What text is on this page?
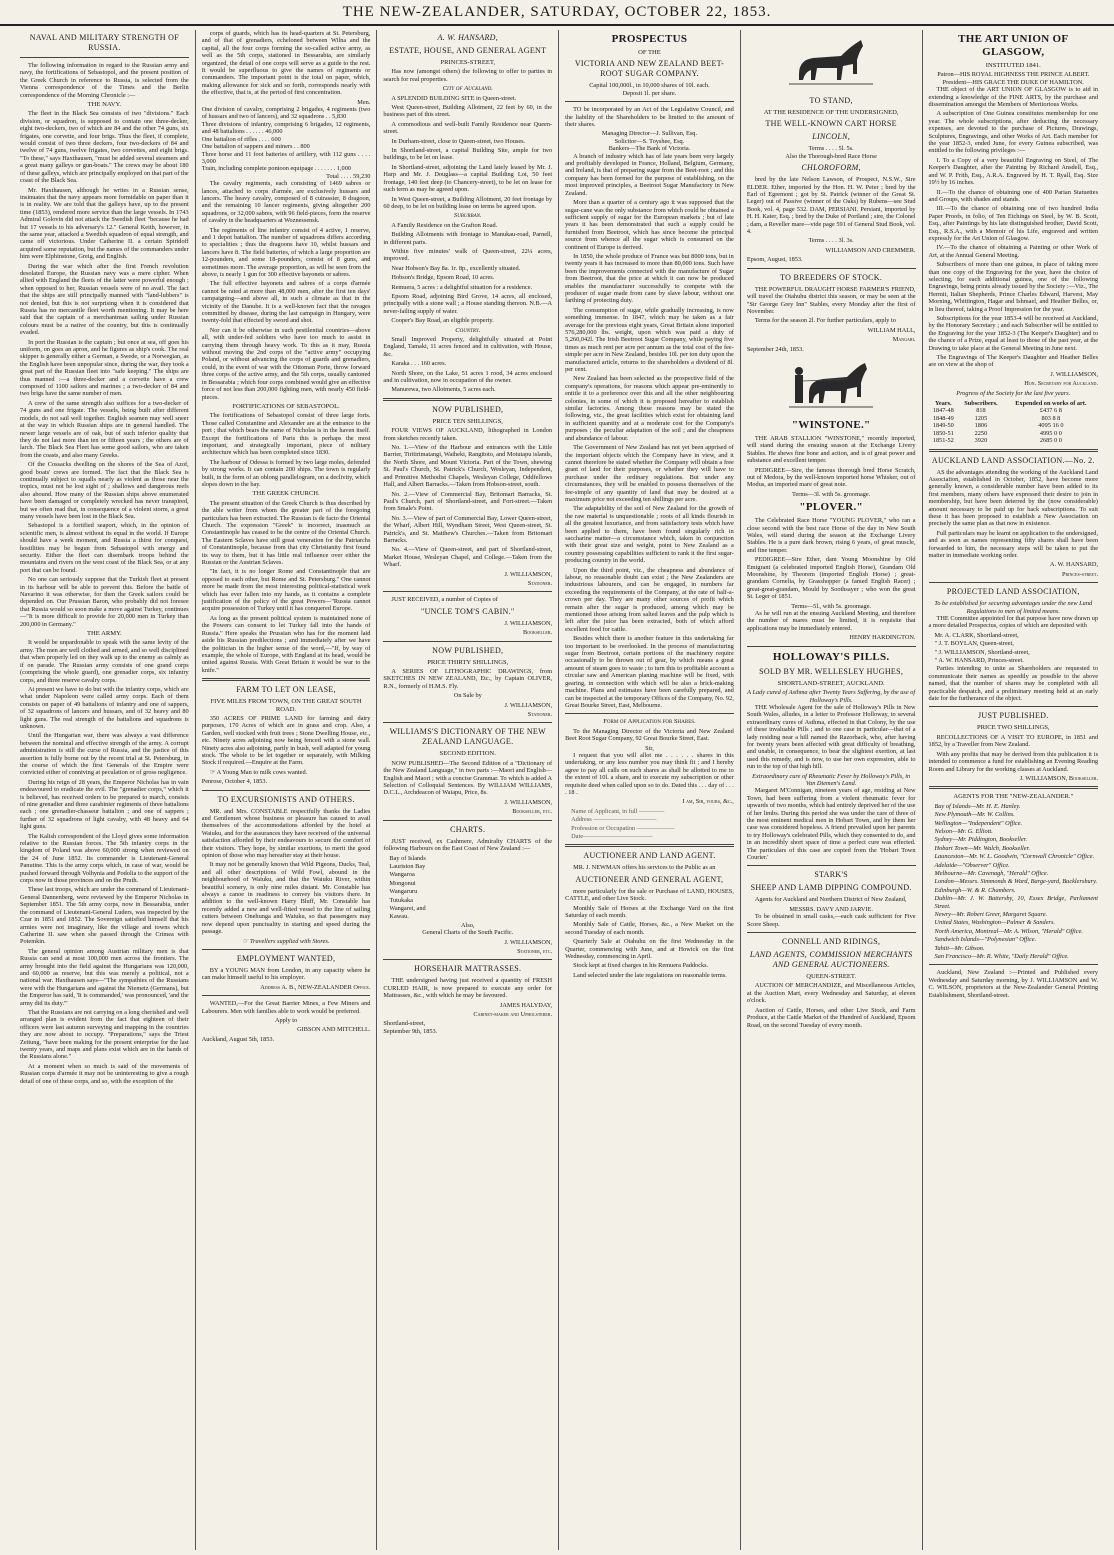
THE NEW-ZEALANDER, SATURDAY, OCTOBER 22, 1853.
NAVAL AND MILITARY STRENGTH OF RUSSIA.
The following information in regard to the Russian army and navy, the fortifications of Sebastopol, and the present position of the Greek Church in reference to Russia, is selected from the Vienna correspondence of the Times and the Berlin correspondence of the Morning Chronicle :—
THE NAVY.
The fleet in the Black Sea consists of two "divisions." Each division, or squadron, is supposed to contain one three-decker, eight two-deckers, two of which are 84 and the other 74 guns, six frigates, one corvette, and four brigs. Thus the fleet, if complete, would consist of two three deckers, four two-deckers of 84 and twelve of 74 guns, twelve frigates, two corvettes, and eight brigs. "To these," says Haxthausen, "must be added several steamers and a great many galleys or gun-boats." The crews may be about 180 of these galleys, which are principally employed on that part of the coast of the Black Sea.
Mr. Haxthausen, although he writes in a Russian sense, insinuates that the navy appears more formidable on paper than it is in reality. We are told that the galleys have, up to the present time (1853), rendered more service than the large vessels. In 1743 Admiral Golovin did not attack the Swedish fleet "because he had but 17 vessels to his adversary's 12." General Keith, however, in the same year, attacked a Swedish squadron of equal strength, and came off victorious. Under Catherine II. a certain Spiridoff acquired some reputation, but the names of the commanders under him were Elphinstone, Greig, and English.
During the war which after the first French revolution desolated Europe, the Russian navy was a mere cipher. When allied with England the fleets of the latter were powerful enough ; when opposed to her, Russian vessels were of no avail. The fact that the ships are still principally manned with "land-lubbers" is not denied, but this is not surprising when it is considered that Russia has no mercantile fleet worth mentioning. It may be here said that the captain of a merchantman sailing under Russian colours must be a native of the country, but this is continually evaded.
In port the Russian is the captain ; but once at sea, off goes his uniform, on goes an apron, and he figures as ship's cook. The real skipper is generally either a German, a Swede, or a Norwegian, as the English have been unpopular since, during the war, they took a great part of the Russian fleet into "safe keeping." The ships are thus manned :—a three-decker and a corvette have a crew composed of 1100 sailors and marines ; a two-decker of 84 and two brigs have the same number of men.
A crew of the same strength also suffices for a two-decker of 74 guns and one frigate. The vessels, being built after different models, do not sail well together. English seamen may well sneer at the way in which Russian ships are in general handled. The newer large vessels are of oak, but of such inferior quality that they do not last more than ten or fifteen years ; the others are of larch. The Black Sea Fleet has some good sailors, who are taken from the coasts, and also many Greeks.
Of the Cossacks dwelling on the shores of the Sea of Azof, good boats' crews are formed. The fact that the Black Sea is continually subject to squalls nearly as violent as those near the tropics, must not be lost sight of ; shallows and dangerous reefs also abound. How many of the Russian ships above enumerated have been damaged or completely wrecked has never transpired, but we often read that, in consequence of a violent storm, a great many vessels have been lost in the Black Sea.
Sebastopol is a fortified seaport, which, in the opinion of scientific men, is almost without its equal in the world. If Europe should have a week moment, and Russia a thirst for conquest, hostilities may be begun from Sebastopol with energy and security. Either the fleet can disembark troops behind the mountains and rivers on the west coast of the Black Sea, or at any port that can be found.
No one can seriously suppose that the Turkish fleet at present in its harbour will be able to prevent this. Before the battle of Navarino it was otherwise, for then the Greek sailors could be depended on. Our Prussian Baron, who probably did not foresee that Russia would so soon make a move against Turkey, continues—"It is more difficult to provide for 20,000 men in Turkey than 200,000 in Germany."
THE ARMY.
It would be unpardonable to speak with the same levity of the army. The men are well clothed and armed, and so well disciplined that when properly led on they walk up to the enemy as calmly as if on parade. The Russian army consists of one grand corps (comprising the whole guard), one grenadier corps, six infantry corps, and three reserve cavalry corps.
At present we have to do but with the infantry corps, which are what under Napoleon were called army corps. Each of them consists on paper of 49 battalions of infantry and one of sappers, of 32 squadrons of lancers and hussars, and of 32 heavy and 80 light guns. The real strength of the battalions and squadrons is unknown.
Until the Hungarian war, there was always a vast difference between the nominal and effective strength of the army. A corrupt administration is still the curse of Russia, and the justice of this assertion is fully borne out by the recent trial at St. Petersburg, in the course of which the first Generals of the Empire were convicted either of conniving at peculation or of gross negligence.
During his reign of 28 years, the Emperor Nicholas has in vain endeavoured to eradicate the evil. The "grenadier corps," which it is believed, has received orders to be prepared to march, consists of nine grenadier and three carabinier regiments of three battalions each ; one grenadier-chasseur battalion ; and one of sappers ; further of 32 squadrons of light cavalry, with 48 heavy and 64 light guns.
The Kalish correspondent of the Lloyd gives some information relative to the Russian forces. The 5th infantry corps in the kingdom of Poland was above 60,000 strong when reviewed on the 24 of June 1852. Its commander is Lieutenant-General Panutine. This is the army corps which, in case of war, would be pushed forward through Volhynia and Podolia to the support of the corps now in those provinces and on the Pruth.
These last troops, which are under the command of Lieutenant-General Dannenberg, were reviewed by the Emperor Nicholas in September 1851. The 5th army corps, now in Bessarabia, under the command of Lieutenant-General Luders, was inspected by the Czar in 1851 and 1852. The Sovereign satisfied himself that his armies were not imaginary, like the village and towns which Catherine II. saw when she passed through the Crimea with Potemkin.
The general opinion among Austrian military men is that Russia can send at most 100,000 men across the frontiers. The army brought into the field against the Hungarians was 120,000, and 60,000 as reserve, but this was merely a political, not a national war. Haxthausen says—"The sympathies of the Russians were with the Hungarians and against the Niemetz (Germans), but the Emperor has said, 'It is commanded,' was pronounced, 'and the army did its duty.'"
That the Russians are not carrying on a long cherished and well arranged plan is evident from the fact that eighteen of their officers were last autumn surveying and mapping in the countries they are now about to occupy. "Preparations," says the Triest Zeitung, "have been making for the present enterprise for the last twenty years, and maps and plans exist which are in the hands of the Russians alone."
At a moment when so much is said of the movements of Russian corps d'armée it may not be uninteresting to give a rough detail of one of these corps, and so, with the exception of the
corps of guards, which has its head-quarters at St. Petersburg, and of that of grenadiers, echeloned between Wilna and the capital, all the four corps forming the so-called active army, as well as the 5th corps, stationed in Bessarabia, are similarly organized, the detail of one corps will serve as a guide to the rest. It would be superfluous to give the names of regiments or commanders. The important point is the total on paper, which, making allowance for sick and so forth, corresponds nearly with the effective, that is, at the period of first concentration.
Men.
One division of cavalry, comprising 2 brigades, 4 regiments (two of hussars and two of lancers), and 32 squadrons . . 5,830
Three divisions of infantry, comprising 6 brigades, 12 regiments, and 48 battalions . . . . . . 46,000
One battalion of rifles . . . . 600
One battalion of sappers and miners . . 800
Three horse and 11 foot batteries of artillery, with 112 guns . . . . 3,000
Train, including complete pontoon equipage . . . . . . . 1,000
Total . . . . 59,230
The cavalry regiments, each consisting of 1469 sabres or lances, attached to corps d'armée, are exclusively hussars and lancers. The heavy cavalry, composed of 8 cuirassier, 8 dragoon, and the remaining 10 lancer regiments, giving altogether 200 squadrons, or 32,000 sabres, with 96 field-pieces, form the reserve of cavalry in the headquarters at Woznessensk.
The regiments of line infantry consist of 4 active, 1 reserve, and 1 depot battalion. The number of squadrons differs according to specialities ; thus the dragoons have 10, whilst hussars and lancers have 8. The field batteries, of which a large proportion are 12-pounders, and some 18-pounders, consist of 8 guns, and sometimes more. The average proportion, as will be seen from the above, is nearly 1 gun for 300 effective bayonets or sabres.
The full effective bayonets and sabres of a corps d'armée cannot be rated at more than 48,000 men, after the first ten days' campaigning—and above all, in such a climate as that in the vicinity of the Danube. It is a well-known fact that the ravages committed by disease, during the last campaign in Hungary, were twenty-fold that effected by sword and shot.
Nor can it be otherwise in such pestilential countries—above all, with under-fed soldiers who have too much to assist in carrying them through heavy work. To this as it may, Russia without moving the 2nd corps of the "active army" occupying Poland, or without advancing the corps of guards and grenadiers, could, in the event of war with the Ottoman Porte, throw forward three corps of the active army, and the 5th corps, usually cantoned in Bessarabia ; which four corps combined would give an effective force of not less than 200,000 fighting men, with nearly 450 field-pieces.
FORTIFICATIONS OF SEBASTOPOL.
The fortifications of Sebastopol consist of three large forts. Those called Constantine and Alexander are at the entrance to the port ; that which bears the name of Nicholas is in the haven itself. Except the fortifications of Paris this is perhaps the most important, and strategically important, piece of military architecture which has been completed since 1830.
The harbour of Odessa is formed by two large moles, defended by strong works. It can contain 200 ships. The town is regularly built, in the form of an oblong parallelogram, on a declivity, which slopes down to the bay.
THE GREEK CHURCH.
The present situation of the Greek Church is thus described by the able writer from whom the greater part of the foregoing particulars has been extracted. The Russian is de facto the Oriental Church. The expression "Greek" is incorrect, inasmuch as Constantinople has ceased to be the centre of the Oriental Church. The Eastern Sclaves have still great veneration for the Patriarchs of Constantinople, because from that city Christianity first found its way to them, but it has little real influence over either the Russian or the Austrian Sclaves.
"In fact, it is no longer Rome and Constantinople that are opposed to each other, but Rome and St. Petersburg." One cannot more be made from the most interesting political-statistical work which has ever fallen into my hands, as it contains a complete justification of the policy of the great Powers—"Russia cannot acquire possession of Turkey until it has conquered Europe.
As long as the present political system is maintained none of the Powers can consent to let Turkey fall into the hands of Russia." Here speaks the Prussian who has for the moment laid aside his Russian predilections ; and immediately after we have the politician in the higher sense of the word,—"If, by way of example, the whole of Europe, with England at its head, would be united against Russia. With Great Britain it would be war to the knife."
FARM TO LET ON LEASE,
FIVE MILES FROM TOWN, ON THE GREAT SOUTH ROAD.
350 ACRES OF PRIME LAND for farming and dairy purposes, 170 Acres of which are in grass and crop. Also, a Garden, well stocked with fruit trees ; Stone Dwelling House, etc., etc. Ninety acres adjoining now being fenced with a stone wall. Ninety acres also adjoining, partly in bush, well adapted for young stock. The whole to be let together or separately, with Milking Stock if required.—Enquire at the Farm.
☞ A Young Man to milk cows wanted.
Penrose, October 4, 1853.
TO EXCURSIONISTS AND OTHERS.
MR. and Mrs. CONSTABLE respectfully thanks the Ladies and Gentlemen whose business or pleasure has caused to avail themselves of the accommodations afforded by the hotel at Waiuku, and for the assurances they have received of the universal satisfaction afforded by their endeavours to secure the comfort of their visitors. They hope, by similar exertions, to merit the good opinion of those who may hereafter stay at their house.
It may not be generally known that Wild Pigeons, Ducks, Teal, and all other descriptions of Wild Fowl, abound in the neighbourhood of Waiuku, and that the Waiuku River, within beautiful scenery, is only nine miles distant. Mr. Constable has always a canoe in readiness to convey his visitors there. In addition to the well-known Harry Bluff, Mr. Constable has recently added a new and well-fitted vessel to the line of sailing cutters between Onehunga and Waiuku, so that passengers may now depend upon punctuality in starting and speed during the passage.
☞ Travellers supplied with Stores.
EMPLOYMENT WANTED,
BY a YOUNG MAN from London, in any capacity where he can make himself useful to his employer.
Address A. B., NEW-ZEALANDER Office.
WANTED,—For the Great Barrier Mines, a Few Miners and Labourers. Men with families able to work would be preferred.
Apply to
GIBSON AND MITCHELL.
Auckland, August 5th, 1853.
A. W. HANSARD,
ESTATE, HOUSE, AND GENERAL AGENT
PRINCES-STREET,
Has now (amongst others) the following to offer to parties in search for real properties.
City of Auckland.
A SPLENDID BUILDING SITE in Queen-street.
West Queen-street, Building Allotment, 22 feet by 60, in the business part of this street.
A commodious and well-built Family Residence near Queen-street.
In Durham-street, close to Queen-street, two Houses.
In Shortland-street, a capital Building Site, ample for two buildings, to be let on lease.
In Shortland-street, adjoining the Land lately leased by Mr. J. Harp and Mr. J. Douglass—a capital Building Lot, 50 feet frontage, 140 feet deep (to Chancery-street), to be let on lease for such term as may be agreed upon.
In West Queen-street, a Building Allotment, 20 feet frontage by 60 deep, to be let on building lease on terms be agreed upon.
Suburban.
A Family Residence on the Grafton Road.
Building Allotments with frontage to Manukau-road, Parnell, in different parts.
Within five minutes' walk of Queen-street, 22¼ acres, improved.
Near Hobson's Bay 8a. 1r. 8p., excellently situated.
Hobson's Bridge, Epsom Road, 10 acres.
Remuera, 5 acres : a delightful situation for a residence.
Epsom Road, adjoining Bird Grove, 14 acres, all enclosed, principally with a stone wall ; a House standing thereon. N.B.—A never-failing supply of water.
Cooper's Bay Road, an eligible property.
Country.
Small Improved Property, delightfully situated at Point England, Tamaki, 11 acres fenced and in cultivation, with House, &c.
Karaka . . . 160 acres.
North Shore, on the Lake, 51 acres 1 rood, 34 acres enclosed and in cultivation, now in occupation of the owner.
Manurewa, two Allotments, 5 acres each.
NOW PUBLISHED,
PRICE TEN SHILLINGS,
FOUR VIEWS OF AUCKLAND, lithographed in London from sketches recently taken.
No. 1.—View of the Harbour and entrances with the Little Barrier, Tiritirimatangi, Waiheki, Rangitoto, and Motutapu islands, the North Shore, and Mount Victoria. Part of the Town, shewing St. Paul's Church, St. Patrick's Church, Wesleyan, Independent, and Primitive Methodist Chapels, Wesleyan College, Oddfellows Hall, and Albert Barracks.—Taken from Hobson-street, south.
No. 2.—View of Commercial Bay, Britomart Barracks, St. Paul's Church, part of Shortland-street, and Fort-street.—Taken from Smale's Point.
No. 3.—View of part of Commercial Bay, Lower Queen-street, the Wharf, Albert Hill, Wyndham Street, West Queen-street, St. Patrick's, and St. Matthew's Churches.—Taken from Britomart Barracks.
No. 4.—View of Queen-street, and part of Shortland-street, Market House, Wesleyan Chapel, and College.—Taken from the Wharf.
J. WILLIAMSON,
Stationer.
JUST RECEIVED, a number of Copies of
"UNCLE TOM'S CABIN."
J. WILLIAMSON,
Bookseller.
NOW PUBLISHED,
PRICE THIRTY SHILLINGS,
A SERIES OF LITHOGRAPHIC DRAWINGS, from SKETCHES IN NEW ZEALAND, Etc., by Captain OLIVER, R.N., formerly of H.M.S. Fly.
On Sale by
J. WILLIAMSON,
Stationer.
WILLIAMS'S DICTIONARY OF THE NEW ZEALAND LANGUAGE.
SECOND EDITION.
NOW PUBLISHED—The Second Edition of a "Dictionary of the New Zealand Language," in two parts :—Maori and English—English and Maori ; with a concise Grammar. To which is added A Selection of Colloquial Sentences. By WILLIAM WILLIAMS, D.C.L., Archdeacon of Waiapu, Price, 8s.
J. WILLIAMSON,
Bookseller, etc.
CHARTS.
JUST received, ex Cashmere, Admiralty CHARTS of the following Harbours on the East Coast of New Zealand :—
Bay of Islands
Lauriston Bay
Wangaroa
Mongonui
Wangaruru
Tutukaka
Wangarei, and
Kawau.
Also,
General Charts of the South Pacific.
J. WILLIAMSON,
Stationer, etc.
HORSEHAIR MATTRASSES.
THE undersigned having just received a quantity of FRESH CURLED HAIR, is now prepared to execute any order for Mattrasses, &c., with which he may be favoured.
JAMES HALYDAY,
Cabinet-maker and Upholsterer.
Shortland-street,
September 9th, 1853.
PROSPECTUS
OF THE
VICTORIA AND NEW ZEALAND BEET-ROOT SUGAR COMPANY.
Capital 100,000l., in 10,000 shares of 10l. each.
Deposit 1l. per share.
TO be incorporated by an Act of the Legislative Council, and the liability of the Shareholders to be limited to the amount of their shares.
Managing Director—J. Sullivan, Esq.
Solicitor—S. Toyshee, Esq.
Bankers—The Bank of Victoria.
A branch of industry which has of late years been very largely and profitably developed in France, Holland, Belgium, Germany, and Ireland, is that of preparing sugar from the Beet-root ; and this company has been formed for the purpose of establishing, on the most improved principles, a Beetroot Sugar Manufactory in New Zealand.
More than a quarter of a century ago it was supposed that the sugar-cane was the only substance from which could be obtained a sufficient supply of sugar for the European markets ; but of late years it has been demonstrated that such a supply could be furnished from Beetroot, which has since become the principal source from whence all the sugar which is consumed on the continent of Europe is derived.
In 1850, the whole produce of France was but 8000 tons, but in twenty years it has increased to more than 80,000 tons. Such have been the improvements connected with the manufacture of Sugar from Beetroot, that the price at which it can now be produced enables the manufacturer successfully to compete with the producer of sugar made from cane by slave labour, without one farthing of protecting duty.
The consumption of sugar, while gradually increasing, is now something immense. In 1847, which may be taken as a fair average for the previous eight years, Great Britain alone imported 576,280,000 lbs. weight, upon which was paid a duty of 5,260,042l. The Irish Beetroot Sugar Company, while paying five times as much rent per acre per annum as the total cost of the fee-simple per acre in New Zealand, besides 10l. per ton duty upon the manufactured article, returns to the shareholders a dividend of 8l. per cent.
New Zealand has been selected as the prospective field of the company's operations, for reasons which appear pre-eminently to entitle it to a preference over this and all the other neighbouring colonies, in some of which it is proposed hereafter to establish similar factories. Among these reasons may be stated the following, viz., the great facilities which exist for obtaining land in sufficient quantity and at a moderate cost for the Company's purposes ; the peculiar adaptation of the soil ; and the cheapness and abundance of labour.
The Government of New Zealand has not yet been apprised of the important objects which the Company have in view, and it cannot therefore be stated whether the Company will obtain a free grant of land for their purposes, or whether they will have to purchase under the ordinary regulations. But under any circumstances, they will be enabled to possess themselves of the fee-simple of any quantity of land that may be desired at a maximum price not exceeding ten shillings per acre.
The adaptability of the soil of New Zealand for the growth of the raw material is unquestionable ; roots of all kinds flourish in all the greatest luxuriance, and from satisfactory tests which have been applied to them, have been found singularly rich in saccharine matter—a circumstance which, taken in conjunction with their great size and weight, point to New Zealand as a country possessing capabilities sufficient to rank it the first sugar-producing country in the world.
Upon the third point, viz., the cheapness and abundance of labour, no reasonable doubt can exist ; the New Zealanders are industrious labourers, and can be engaged, in numbers far exceeding the requirements of the Company, at the rate of half-a-crown per day. They are many other sources of profit which remain after the sugar is produced, among which may be mentioned those arising from salted leaves and the pulp which is left after the juice has been extracted, both of which afford excellent food for cattle.
Besides which there is another feature in this undertaking far too important to be overlooked. In the process of manufacturing sugar from Beetroot, certain portions of the machinery require occasionally to be thrown out of gear, by which means a great amount of steam goes to waste ; to turn this to profitable account a circular saw and American planing machine will be fixed, with gearing, in connection with which will be also a brick-making machine. Plans and estimates have been carefully prepared, and can be inspected at the temporary Offices of the Company, No. 92, Great Bourke Street, East, Melbourne.
Form of Application for Shares.
To the Managing Director of the Victoria and New Zealand Beet Root Sugar Company, 92 Great Bourke Street, East.
Sir,
I request that you will allot me . . . . . . shares in this undertaking, or any less number you may think fit ; and I hereby agree to pay all calls on such shares as shall be allotted to me to the extent of 10l. a share, and to execute my subscription or other requisite deed when called upon so to do. Dated this . . . day of . . . . 18 .
I am, Sir, yours, &c.,
Name of Applicant, in full ————
Address ——————————
Profession or Occupation ——————
Date———————————
AUCTIONEER AND LAND AGENT.
MR. J. NEWMAN offers his services to the Public as an
AUCTIONEER AND GENERAL AGENT,
more particularly for the sale or Purchase of LAND, HOUSES, CATTLE, and other Live Stock.
Monthly Sale of Horses at the Exchange Yard on the first Saturday of each month.
Monthly Sale of Cattle, Horses, &c., a New Market on the second Tuesday of each month.
Quarterly Sale at Otahuhu on the first Wednesday in the Quarter, commencing with June, and at Howick on the first Wednesday, commencing in April.
Stock kept at fixed charges in his Remuera Paddocks.
Land selected under the late regulations on reasonable terms.
TO STAND,
AT THE RESIDENCE OF THE UNDERSIGNED,
THE WELL-KNOWN CART HORSE
LINCOLN,
Terms . . . . 5l. 5s.
Also the Thorough-bred Race Horse
CHLOROFORM,
bred by the late Nelson Lawson, of Prospect, N.S.W., Sire ELDER. Ether, imported by the Hon. H. W. Peter ; bred by the Earl of Egremont ; got by St. Patrick (winner of the Great St. Leger) out of Passive (winner of the Oaks) by Rubens—see Stud Book, vol. 4, page 532. DAM, PERSIANI. Persiani, imported by H. H. Kater, Esq. ; bred by the Duke of Portland ; sire, the Colonel ; dam, a Reveller mare—vide page 591 of General Stud Book, vol. 4.
Terms . . . . 3l. 3s.
WILLIAMSON AND CREMMER.
Epsom, August, 1853.
TO BREEDERS OF STOCK.
THE POWERFUL DRAUGHT HORSE FARMER'S FRIEND, will travel the Otahuhu district this season, or may be seen at the "Sir George Grey Inn" Stables, every Monday after the first of November.
Terms for the season 2l. For further particulars, apply to
WILLIAM HALL,
Mangari.
September 24th, 1853.
"WINSTONE."
THE ARAB STALLION "WINSTONE," recently imported, will stand during the ensuing season at the Exchange Livery Stables. He shews fine bone and action, and is of great power and substance and excellent temper.
PEDIGREE—Sire, the famous thorough bred Horse Scratch, out of Medora, by the well-known imported horse Whisker, out of Modus, an imported mare of great note.
Terms—3l. with 5s. groomage.
"PLOVER."
The Celebrated Race Horse "YOUNG PLOVER," who ran a close second with the best race Horse of the day in New South Wales, will stand during the season at the Exchange Livery Stables. He is a pure dark brown, rising 6 years, of great muscle, and fine temper.
PEDIGREE—Sire Ether, dam Young Moonshine by Old Emigrant (a celebrated imported English Horse), Grandam Old Moonshine, by Theorem (imported English Horse) ; great-grandam Cornelia, by Grasshopper (a famed English Racer) ; great-great-grandam, Mould by Soothsayer ; who won the great St. Leger of 1851.
Terms—5l., with 5s. groomage.
As he will run at the ensuing Auckland Meeting, and therefore the number of mares must be limited, it is requisite that applications may be immediately entered.
HENRY HARDINGTON.
HOLLOWAY'S PILLS.
SOLD BY MR. WELLESLEY HUGHES,
SHORTLAND-STREET, AUCKLAND.
A Lady cured of Asthma after Twenty Years Suffering, by the use of Holloway's Pills.
THE Wholesale Agent for the sale of Holloway's Pills in New South Wales, alludes, in a letter to Professor Holloway, to several extraordinary cures of Asthma, effected in that Colony, by the use of these invaluable Pills ; and to one case in particular—that of a lady residing near a hill named the Razorback, who, after having for twenty years been affected with great difficulty of breathing, and unable, in consequence, to bear the slightest exertion, at last used this remedy, and is now, to use her own expression, able to run to the top of that high hill.
Extraordinary cure of Rheumatic Fever by Holloway's Pills, in Van Diemen's Land.
Margaret M'Connigan, nineteen years of age, residing at New Town, had been suffering from a violent rheumatic fever for upwards of two months, which had entirely deprived her of the use of her limbs. During this period she was under the care of three of the most eminent medical men in Hobart Town, and by them her case was considered hopeless. A friend prevailed upon her parents to try Holloway's celebrated Pills, which they consented to do, and in an incredibly short space of time a perfect cure was effected. The particulars of this case are copied from the 'Hobart Town Courier.'
STARK'S
SHEEP AND LAMB DIPPING COMPOUND.
Agents for Auckland and Northern District of New Zealand,
MESSRS. DAVY AND JARVIE.
To be obtained in small casks,—each cask sufficient for Five Score Sheep.
CONNELL AND RIDINGS,
LAND AGENTS, COMMISSION MERCHANTS AND GENERAL AUCTIONEERS.
QUEEN-STREET.
AUCTION OF MERCHANDIZE, and Miscellaneous Articles, at the Auction Mart, every Wednesday and Saturday, at eleven o'clock.
Auction of Cattle, Horses, and other Live Stock, and Farm Produce, at the Cattle Market of the Hundred of Auckland, Epsom Road, on the second Tuesday of every month.
THE ART UNION OF GLASGOW,
INSTITUTED 1841.
Patron—HIS ROYAL HIGHNESS THE PRINCE ALBERT.
President—HIS GRACE THE DUKE OF HAMILTON.
THE object of the ART UNION OF GLASGOW is to aid in extending a knowledge of the FINE ARTS, by the purchase and dissemination amongst the Members of Meritorious Works.
A subscription of One Guinea constitutes membership for one year. The whole subscriptions, after deducting the necessary expenses, are devoted to the purchase of Pictures, Drawings, Sculptures, Engravings, and other Works of Art. Each member for the year 1852-3, ended June, for every Guinea subscribed, was entitled to the following privileges :—
I. To a Copy of a very beautiful Engraving on Steel, of The Keeper's Daughter, after the Painting by Richard Ansdell, Esq., and W. P. Frith, Esq., A.R.A. Engraved by H. T. Ryall, Esq. Size 19½ by 16 inches.
II.—To the chance of obtaining one of 400 Parian Statuettes and Groups, with shades and stands.
III.—To the chance of obtaining one of two hundred India Paper Proofs, in folio, of Ten Etchings on Steel, by W. B. Scott, Esq., after Paintings by his late distinguished brother, David Scott, Esq., R.S.A., with a Memoir of his Life, engraved and written expressly for the Art Union of Glasgow.
IV.—To the chance of obtaining a Painting or other Work of Art, at the Annual General Meeting.
Subscribers of more than one guinea, in place of taking more than one copy of the Engraving for the year, have the choice of selecting, for each additional guinea, one of the following Engravings, being prints already issued by the Society :—Viz., The Hermit, Italian Shepherds, Prince Charles Edward, Harvest, May Morning, Whittington, Hagar and Ishmael, and Heather Belles, or, in lieu thereof, taking a Proof Impression for the year.
Subscriptions for the year 1853-4 will be received at Auckland, by the Honorary Secretary ; and each Subscriber will be entitled to the Engraving for the year 1852-3 (The Keeper's Daughter) and to the chance of a Prize, equal at least to those of the past year, at the Drawing to take place at the General Meeting in June next.
The Engravings of The Keeper's Daughter and Heather Belles are on view at the shop of
J. WILLIAMSON,
Hon. Secretary for Auckland.
Progress of the Society for the last five years.
Years.	Subscribers.	Expended on works of art.
1847-48	818	£437 6 8
1848-49	1205	803 8 8
1849-50	1806	4095 16 0
1850-51	2250	4995 0 0
1851-52	3920	2685 0 0
AUCKLAND LAND ASSOCIATION.—No. 2.
AS the advantages attending the working of the Auckland Land Association, established in October, 1852, have become more generally known, a considerable number have been added to its first members, many others have expressed their desire to join in membership, but have been deterred by the (now considerable) amount necessary to be paid up for back subscriptions. To suit these it has been proposed to establish a New Association on precisely the same plan as that now in existence.
Full particulars may be learnt on application to the undersigned, and as soon as names representing fifty shares shall have been forwarded to him, the necessary steps will be taken to put the matter in immediate working order.
A. W. HANSARD,
Princes-street.
PROJECTED LAND ASSOCIATION,
To be established for securing advantages under the new Land Regulations to men of limited means.
THE Committee appointed for that purpose have now drawn up a more detailed Prospectus, copies of which are deposited with
Mr. A. CLARK, Shortland-street,
" J. T. BOYLAN, Queen-street,
" J. WILLIAMSON, Shortland-street,
" A. W. HANSARD, Princes-street.
Parties intending to unite as Shareholders are requested to communicate their names as speedily as possible to the above named, that the number of shares may be completed with all practicable despatch, and a preliminary meeting held at an early date for the furtherance of the object.
JUST PUBLISHED.
PRICE TWO SHILLINGS,
RECOLLECTIONS OF A VISIT TO EUROPE, in 1851 and 1852, by a Traveller from New Zealand.
With any profits that may be derived from this publication it is intended to commence a fund for establishing an Evening Reading Room and Library for the working classes at Auckland.
J. WILLIAMSON, Bookseller.
AGENTS FOR THE "NEW-ZEALANDER."
Bay of Islands—Mr. H. E. Hanley.
New Plymouth—Mr. W. Collins.
Wellington—"Independent" Office.
Nelson—Mr. G. Elliott.
Sydney—Mr. Piddington, Bookseller.
Hobart Town—Mr. Walch, Bookseller.
Launceston—Mr. W. L. Goodwin, "Cornwall Chronicle" Office.
Adelaide—"Observer" Office.
Melbourne—Mr. Cavenagh, "Herald" Office.
London—Messrs. Simmonds & Ward, Barge-yard, Bucklersbury.
Edinburgh—W. & R. Chambers.
Dublin—Mr. J. W. Battersby, 10, Essex Bridge, Parliament Street.
Newry—Mr. Robert Greer, Margaret Square.
United States, Washington—Palmer & Sanders.
North America, Montreal—Mr. A. Wilson, "Herald" Office.
Sandwich Islands—"Polynesian" Office.
Tahiti—Mr. Gibson.
San Francisco—Mr. R. White, "Daily Herald" Office.
Auckland, New Zealand :—Printed and Published every Wednesday and Saturday morning, by J. WILLIAMSON and W. C. WILSON, proprietors at the New-Zealander General Printing Establishment, Shortland-street.
